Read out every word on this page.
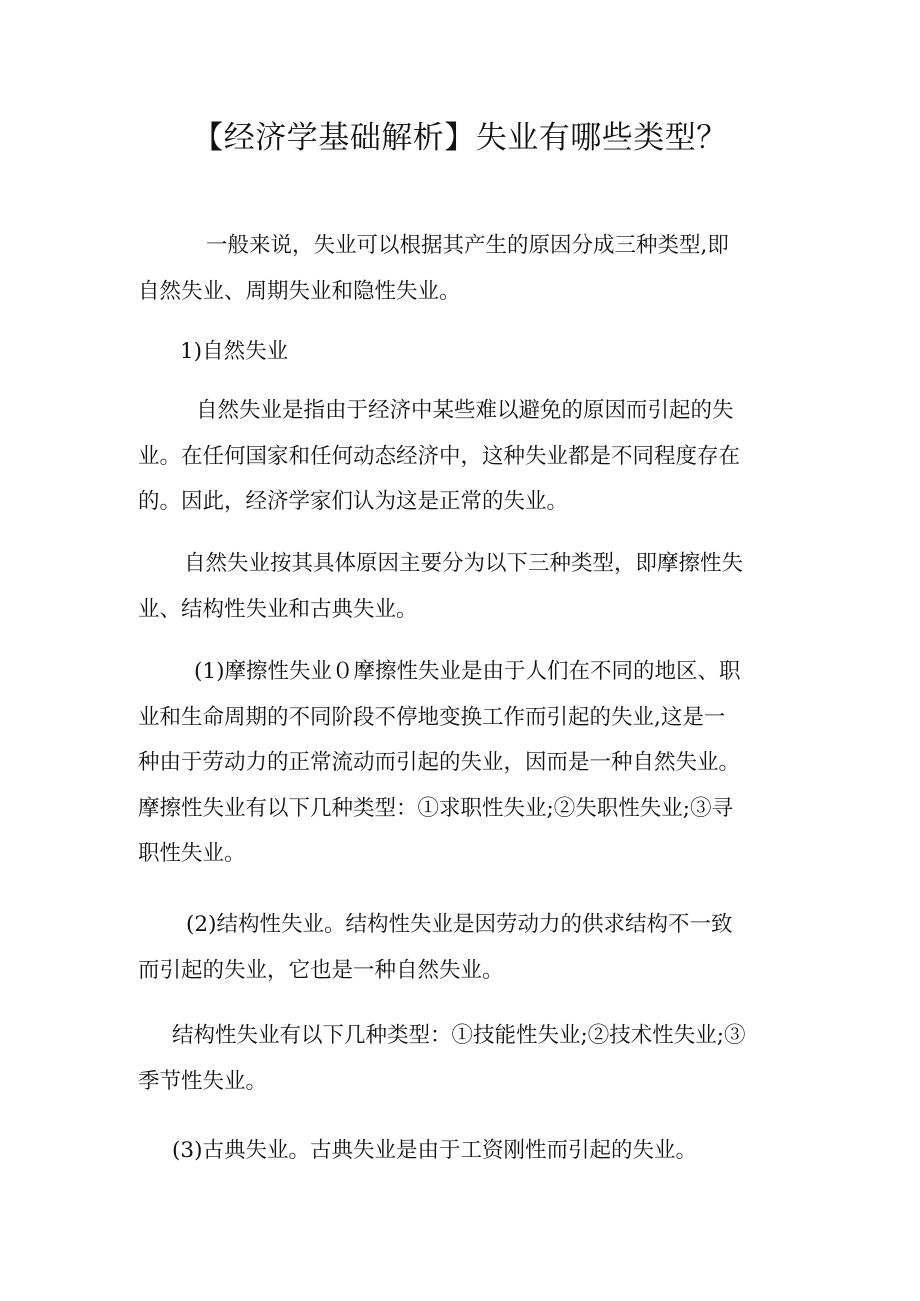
【经济学基础解析】失业有哪些类型？
一般来说，失业可以根据其产生的原因分成三种类型,即
自然失业、周期失业和隐性失业。
1)自然失业
自然失业是指由于经济中某些难以避免的原因而引起的失
业。在任何国家和任何动态经济中，这种失业都是不同程度存在
的。因此，经济学家们认为这是正常的失业。
自然失业按其具体原因主要分为以下三种类型，即摩擦性失
业、结构性失业和古典失业。
(1)摩擦性失业０摩擦性失业是由于人们在不同的地区、职
业和生命周期的不同阶段不停地变换工作而引起的失业,这是一
种由于劳动力的正常流动而引起的失业，因而是一种自然失业。
摩擦性失业有以下几种类型：①求职性失业;②失职性失业;③寻
职性失业。
(2)结构性失业。结构性失业是因劳动力的供求结构不一致
而引起的失业，它也是一种自然失业。
结构性失业有以下几种类型：①技能性失业;②技术性失业;③
季节性失业。
(3)古典失业。古典失业是由于工资刚性而引起的失业。
